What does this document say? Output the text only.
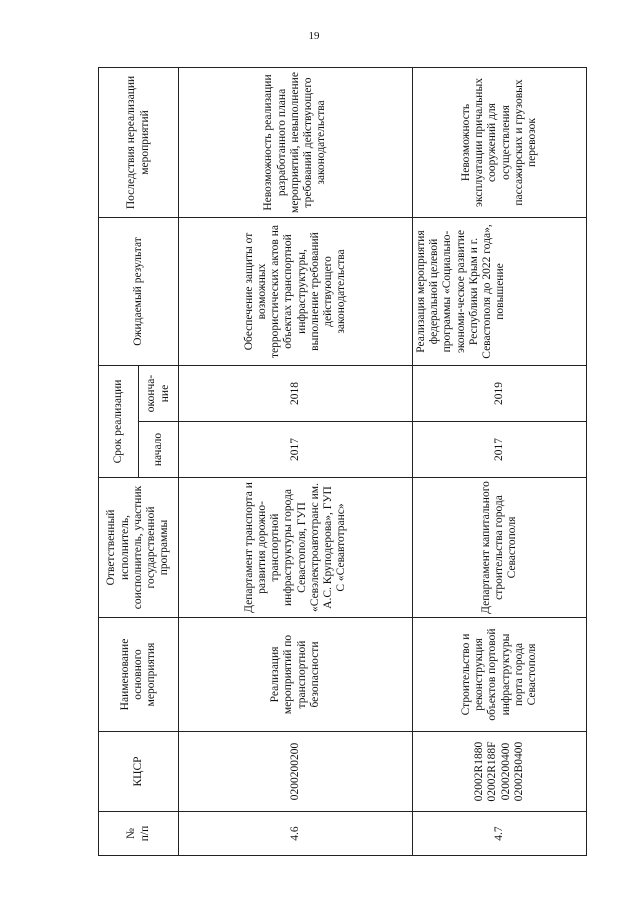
19
№
п/п	КЦСР	Наименование основного мероприятия	Ответственный исполнитель, соисполнитель, участник государственной программы	Срок реализации		Ожидаемый результат	Последствия нереализации мероприятий
				начало	оконча-ние		
4.6	0200200200	Реализация мероприятий по транспортной безопасности	Департамент транспорта и развития дорожно-транспортной инфраструктуры города Севастополя, ГУП «Севэлектроавтотранс им. А.С. Круподерова», ГУП С «Севавтотранс»	2017	2018	Обеспечение защиты от возможных террористических актов на объектах транспортной инфраструктуры, выполнение требований действующего законодательства	Невозможность реализации разработанного плана мероприятий, невыполнение требований действующего законодательства
4.7	02002R1880 02002R188F 0200200400 02002B0400	Строительство и реконструкция объектов портовой инфраструктуры порта города Севастополя	Департамент капитального строительства города Севастополя	2017	2019	Реализация мероприятия федеральной целевой программы «Социально-экономи-ческое развитие Республики Крым и г. Севастополя до 2022 года», повышение	Невозможность эксплуатации причальных сооружений для осуществления пассажирских и грузовых перевозок
